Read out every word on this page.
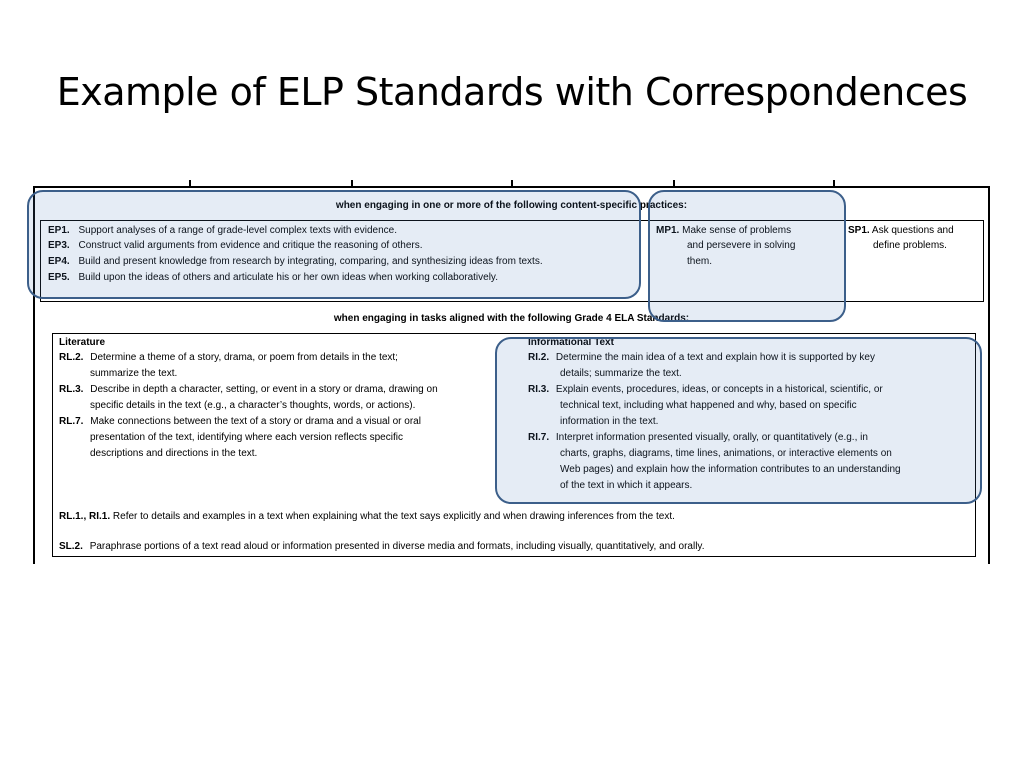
Example of ELP Standards with Correspondences
when engaging in one or more of the following content-specific practices:
EP1. Support analyses of a range of grade-level complex texts with evidence.
EP3. Construct valid arguments from evidence and critique the reasoning of others.
EP4. Build and present knowledge from research by integrating, comparing, and synthesizing ideas from texts.
EP5. Build upon the ideas of others and articulate his or her own ideas when working collaboratively.
MP1. Make sense of problems
and persevere in solving
them.
SP1. Ask questions and
define problems.
when engaging in tasks aligned with the following Grade 4 ELA Standards:
Literature
RL.2. Determine a theme of a story, drama, or poem from details in the text;
summarize the text.
RL.3. Describe in depth a character, setting, or event in a story or drama, drawing on
specific details in the text (e.g., a character’s thoughts, words, or actions).
RL.7. Make connections between the text of a story or drama and a visual or oral
presentation of the text, identifying where each version reflects specific
descriptions and directions in the text.
Informational Text
RI.2. Determine the main idea of a text and explain how it is supported by key
details; summarize the text.
RI.3. Explain events, procedures, ideas, or concepts in a historical, scientific, or
technical text, including what happened and why, based on specific
information in the text.
RI.7. Interpret information presented visually, orally, or quantitatively (e.g., in
charts, graphs, diagrams, time lines, animations, or interactive elements on
Web pages) and explain how the information contributes to an understanding
of the text in which it appears.
RL.1., RI.1. Refer to details and examples in a text when explaining what the text says explicitly and when drawing inferences from the text.
SL.2. Paraphrase portions of a text read aloud or information presented in diverse media and formats, including visually, quantitatively, and orally.
